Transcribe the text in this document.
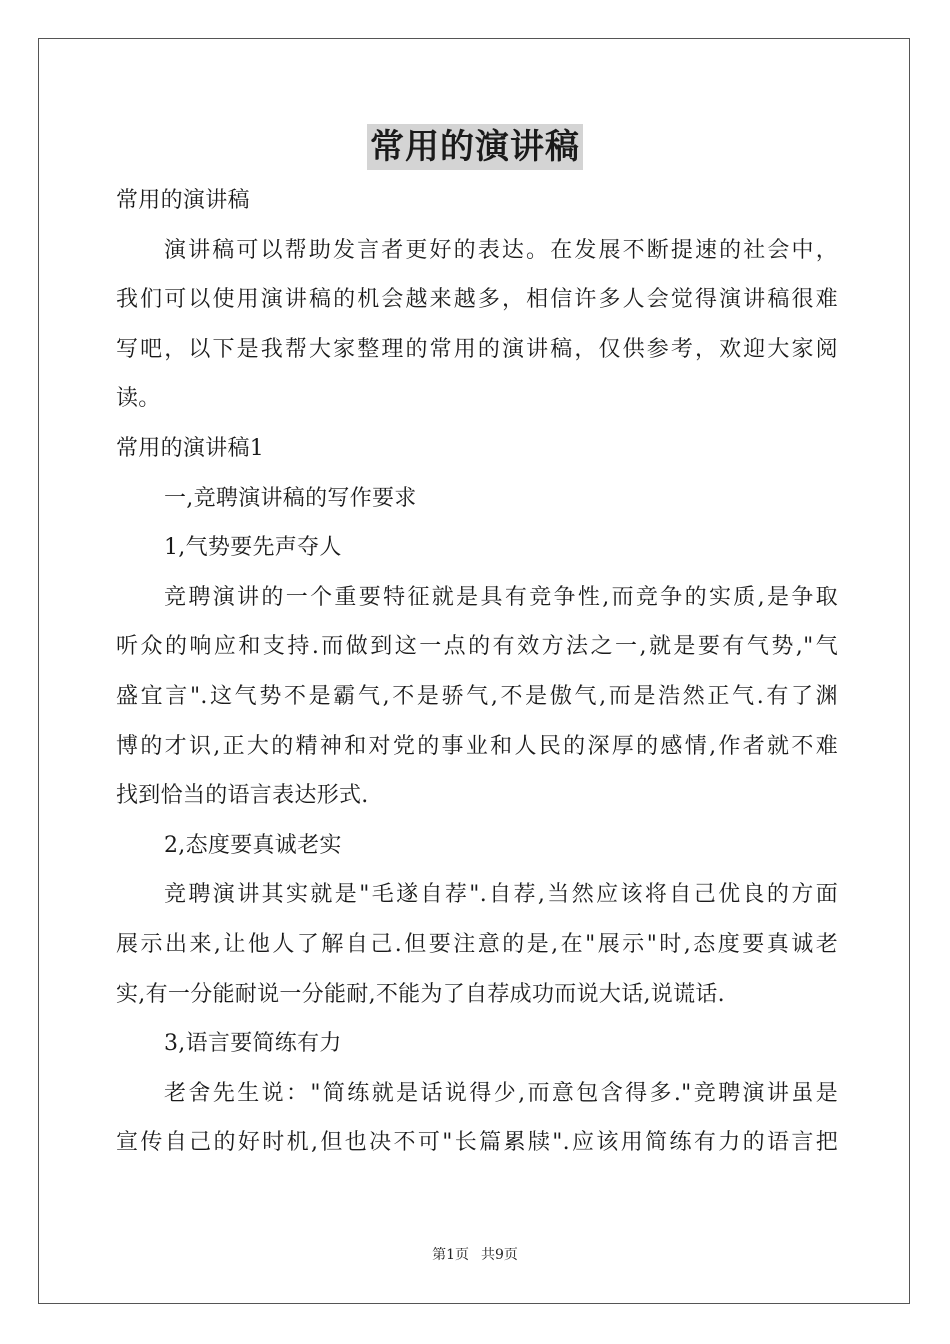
常用的演讲稿
常用的演讲稿
演讲稿可以帮助发言者更好的表达。在发展不断提速的社会中，
我们可以使用演讲稿的机会越来越多，相信许多人会觉得演讲稿很难
写吧，以下是我帮大家整理的常用的演讲稿，仅供参考，欢迎大家阅
读。
常用的演讲稿1
一,竞聘演讲稿的写作要求
1,气势要先声夺人
竞聘演讲的一个重要特征就是具有竞争性,而竞争的实质,是争取
听众的响应和支持.而做到这一点的有效方法之一,就是要有气势,"气
盛宜言".这气势不是霸气,不是骄气,不是傲气,而是浩然正气.有了渊
博的才识,正大的精神和对党的事业和人民的深厚的感情,作者就不难
找到恰当的语言表达形式.
2,态度要真诚老实
竞聘演讲其实就是"毛遂自荐".自荐,当然应该将自己优良的方面
展示出来,让他人了解自己.但要注意的是,在"展示"时,态度要真诚老
实,有一分能耐说一分能耐,不能为了自荐成功而说大话,说谎话.
3,语言要简练有力
老舍先生说："简练就是话说得少,而意包含得多."竞聘演讲虽是
宣传自己的好时机,但也决不可"长篇累牍".应该用简练有力的语言把
第1页 共9页
